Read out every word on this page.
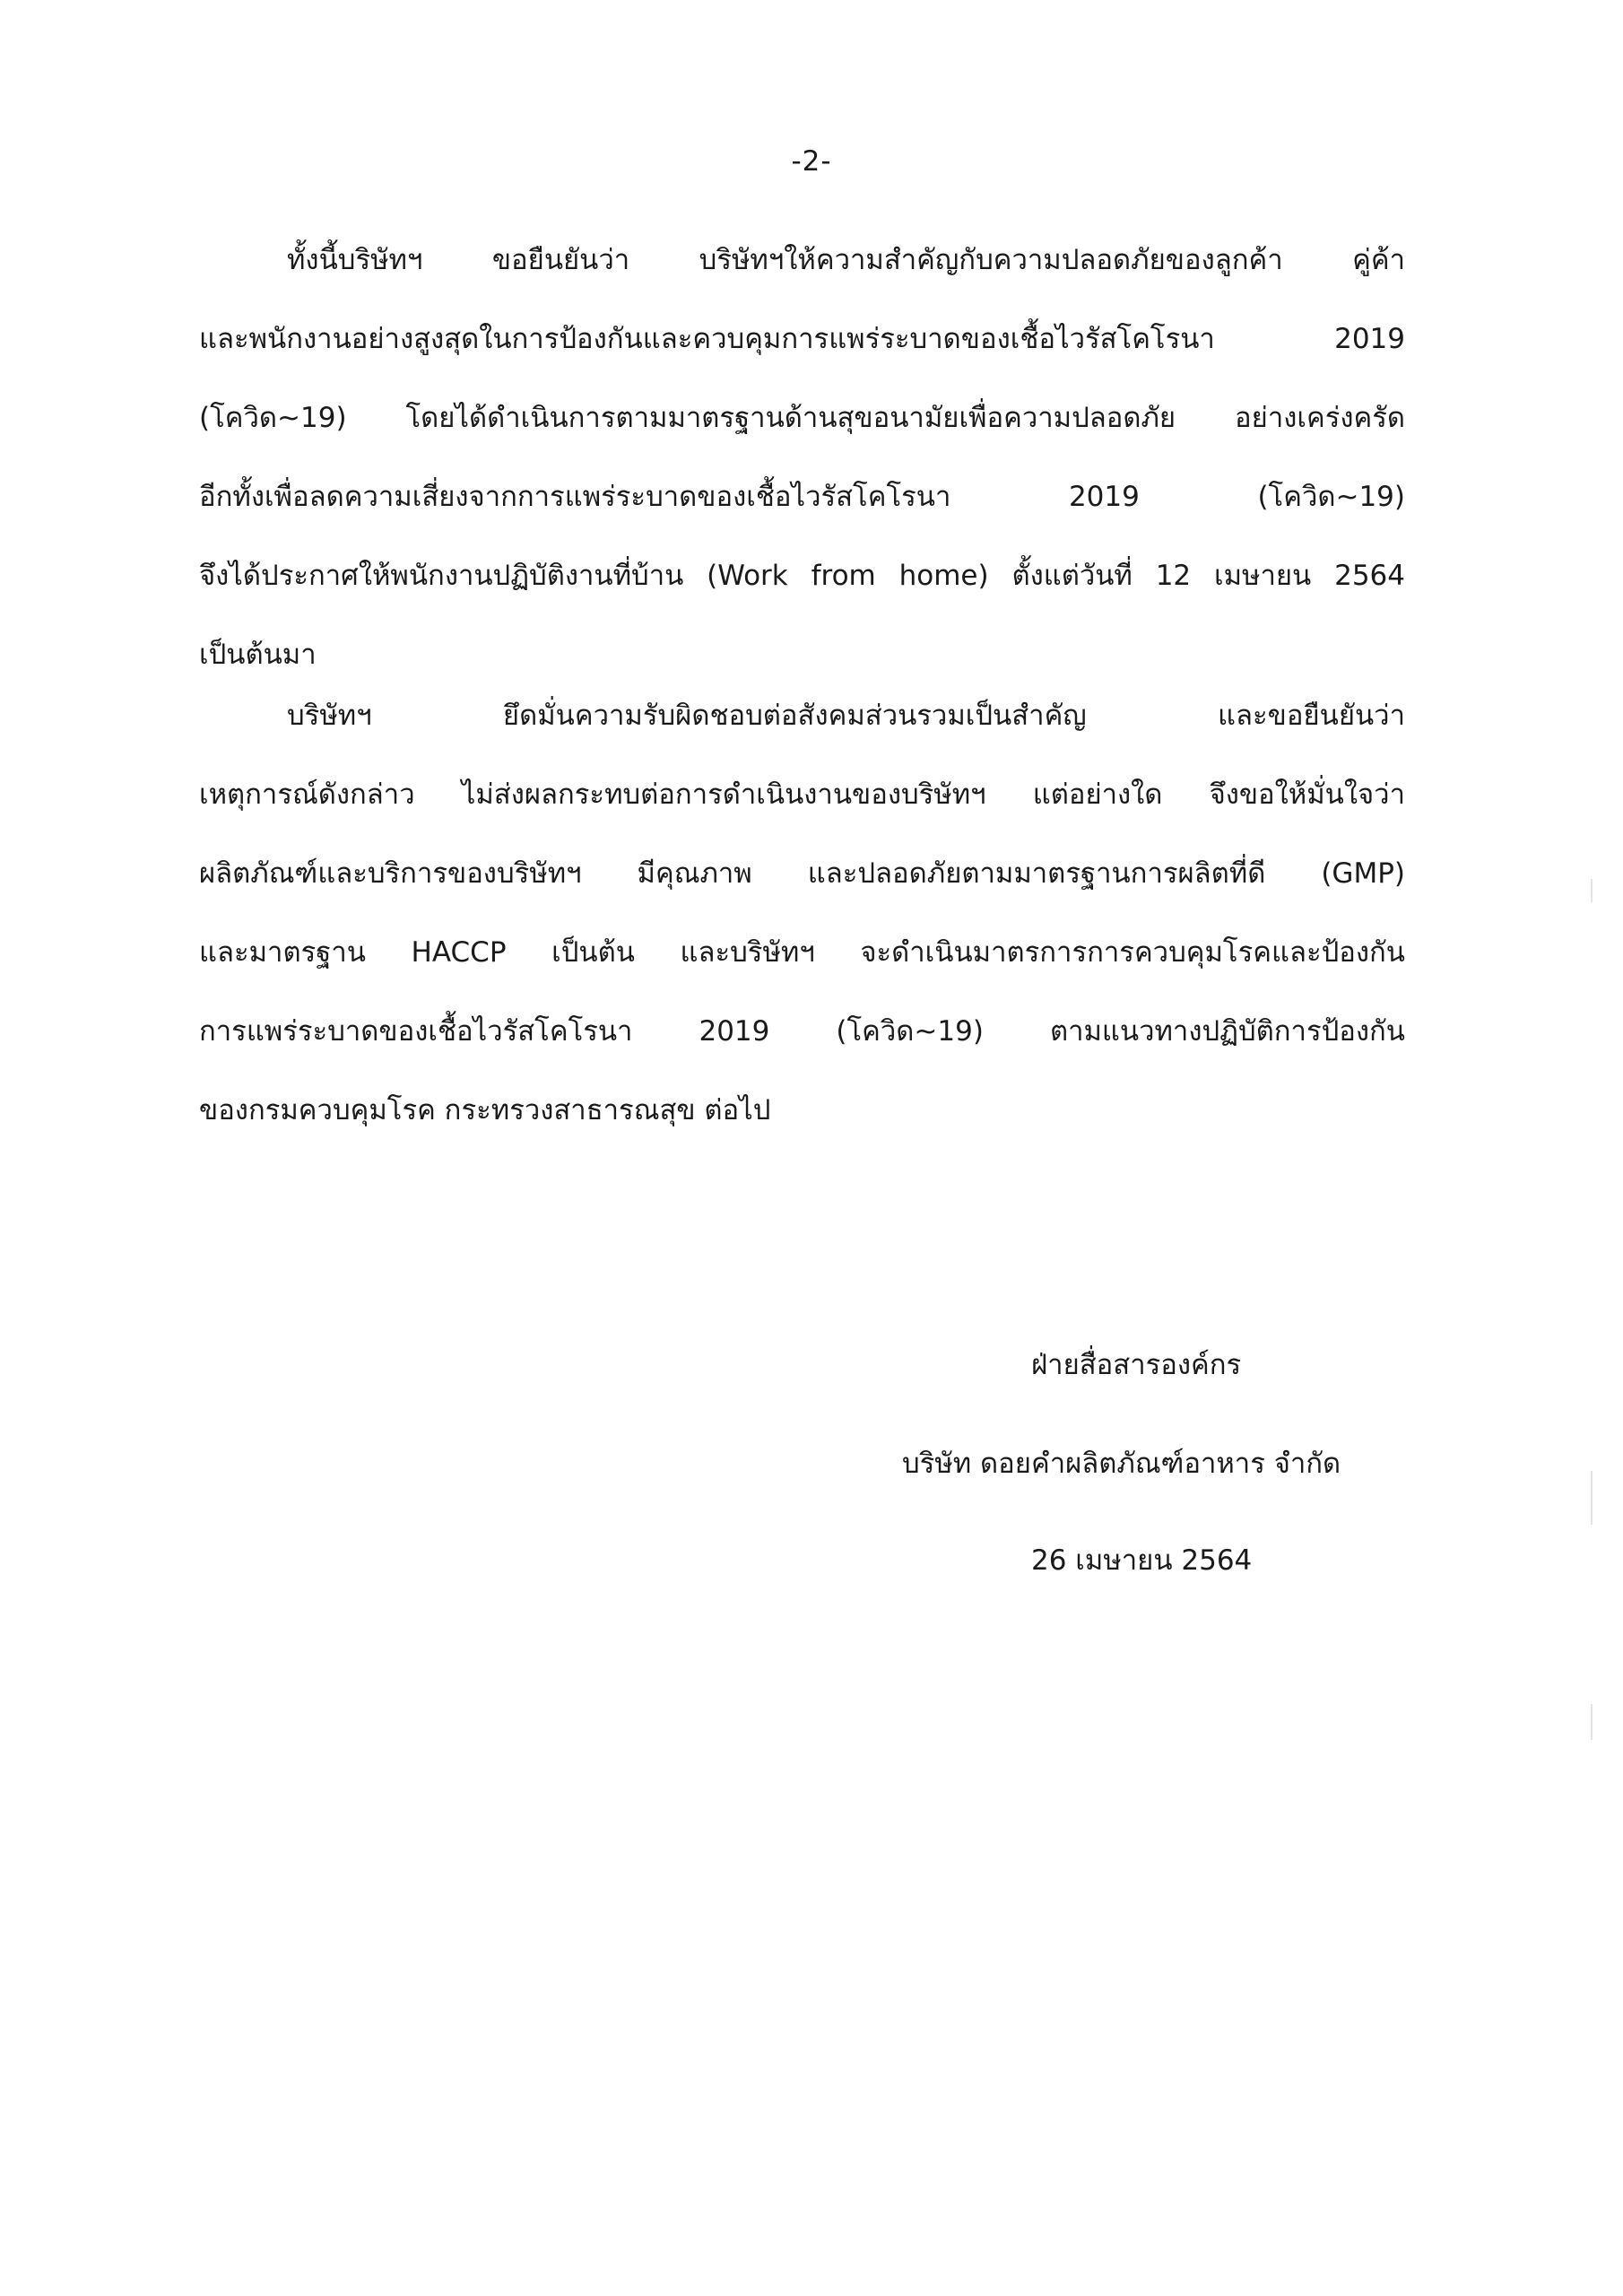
-2-
ทั้งนี้บริษัทฯ ขอยืนยันว่า บริษัทฯให้ความสำคัญกับความปลอดภัยของลูกค้า คู่ค้า
และพนักงานอย่างสูงสุดในการป้องกันและควบคุมการแพร่ระบาดของเชื้อไวรัสโคโรนา 2019
(โควิด~19) โดยได้ดำเนินการตามมาตรฐานด้านสุขอนามัยเพื่อความปลอดภัย อย่างเคร่งครัด
อีกทั้งเพื่อลดความเสี่ยงจากการแพร่ระบาดของเชื้อไวรัสโคโรนา 2019 (โควิด~19)
จึงได้ประกาศให้พนักงานปฏิบัติงานที่บ้าน (Work from home) ตั้งแต่วันที่ 12 เมษายน 2564
เป็นต้นมา
บริษัทฯ ยึดมั่นความรับผิดชอบต่อสังคมส่วนรวมเป็นสำคัญ และขอยืนยันว่า
เหตุการณ์ดังกล่าว ไม่ส่งผลกระทบต่อการดำเนินงานของบริษัทฯ แต่อย่างใด จึงขอให้มั่นใจว่า
ผลิตภัณฑ์และบริการของบริษัทฯ มีคุณภาพ และปลอดภัยตามมาตรฐานการผลิตที่ดี (GMP)
และมาตรฐาน HACCP เป็นต้น และบริษัทฯ จะดำเนินมาตรการการควบคุมโรคและป้องกัน
การแพร่ระบาดของเชื้อไวรัสโคโรนา 2019 (โควิด~19) ตามแนวทางปฏิบัติการป้องกัน
ของกรมควบคุมโรค กระทรวงสาธารณสุข ต่อไป
ฝ่ายสื่อสารองค์กร
บริษัท ดอยคำผลิตภัณฑ์อาหาร จำกัด
26 เมษายน 2564
